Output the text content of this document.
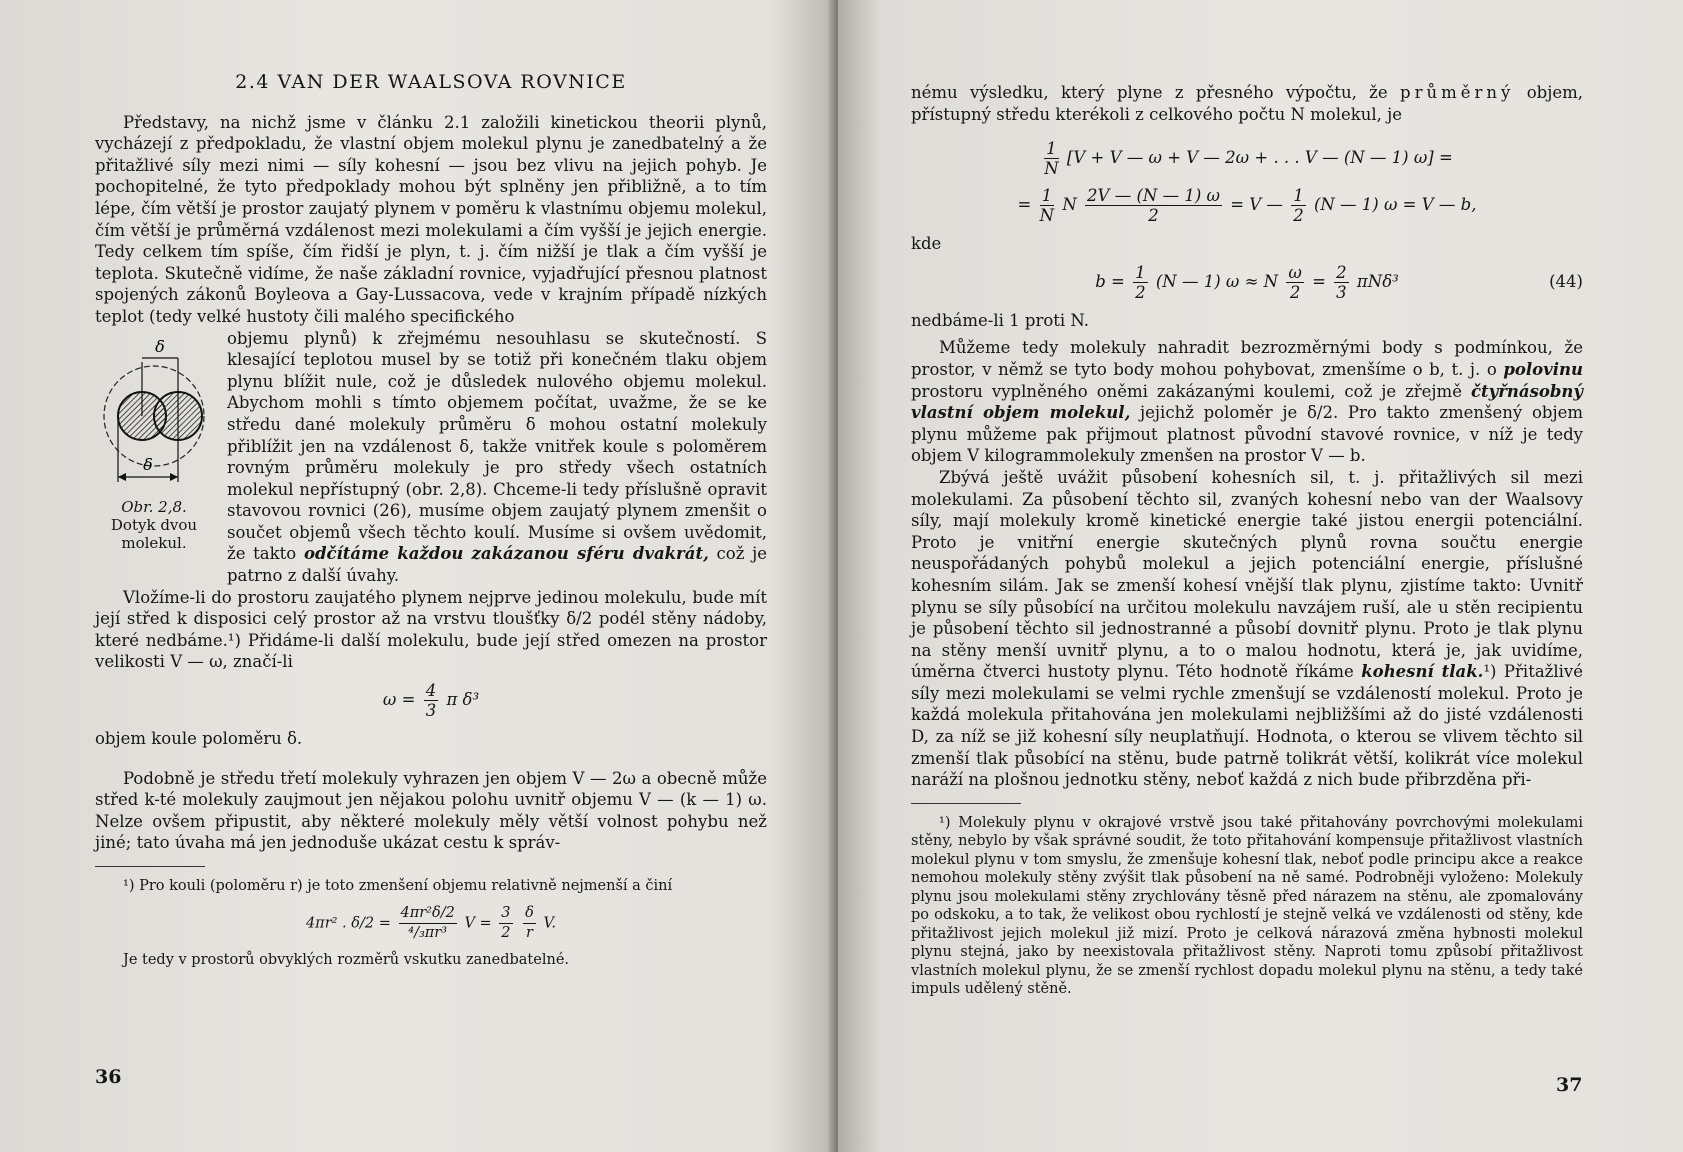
2.4 VAN DER WAALSOVA ROVNICE

Představy, na nichž jsme v článku 2.1 založili kinetickou theorii plynů, vycházejí z předpokladu, že vlastní objem molekul plynu je zanedbatelný a že přitažlivé síly mezi nimi — síly kohesní — jsou bez vlivu na jejich pohyb. Je pochopitelné, že tyto předpoklady mohou být splněny jen přibližně, a to tím lépe, čím větší je prostor zaujatý plynem v poměru k vlastnímu objemu molekul, čím větší je průměrná vzdálenost mezi molekulami a čím vyšší je jejich energie. Tedy celkem tím spíše, čím řidší je plyn, t. j. čím nižší je tlak a čím vyšší je teplota. Skutečně vidíme, že naše základní rovnice, vyjadřující přesnou platnost spojených zákonů Boyleova a Gay-Lussacova, vede v krajním případě nízkých teplot (tedy velké hustoty čili malého specifického

δ
δ
Obr. 2,8.
Dotyk dvou molekul.

objemu plynů) k zřejmému nesouhlasu se skutečností. S klesající teplotou musel by se totiž při konečném tlaku objem plynu blížit nule, což je důsledek nulového objemu molekul. Abychom mohli s tímto objemem počítat, uvažme, že se ke středu dané molekuly průměru δ mohou ostatní molekuly přiblížit jen na vzdálenost δ, takže vnitřek koule s poloměrem rovným průměru molekuly je pro středy všech ostatních molekul nepřístupný (obr. 2,8). Chceme-li tedy příslušně opravit stavovou rovnici (26), musíme objem zaujatý plynem zmenšit o součet objemů všech těchto koulí. Musíme si ovšem uvědomit, že takto odčítáme každou zakázanou sféru dvakrát, což je patrno z další úvahy.

Vložíme-li do prostoru zaujatého plynem nejprve jedinou molekulu, bude mít její střed k disposici celý prostor až na vrstvu tloušťky δ/2 podél stěny nádoby, které nedbáme.¹) Přidáme-li další molekulu, bude její střed omezen na prostor velikosti V — ω, značí-li

$\omega = \frac{4}{3}$ π δ³

objem koule poloměru δ.

Podobně je středu třetí molekuly vyhrazen jen objem V — 2ω a obecně může střed k-té molekuly zaujmout jen nějakou polohu uvnitř objemu V — (k — 1) ω. Nelze ovšem připustit, aby některé molekuly měly větší volnost pohybu než jiné; tato úvaha má jen jednoduše ukázat cestu k správ-

¹) Pro kouli (poloměru r) je toto zmenšení objemu relativně nejmenší a činí

4πr² . $\delta/2 = \frac{\text{4πr²δ/2}}{\text{⁴/₃πr³}}$ $V = \frac{3}{2}$
$\frac{\delta}{r} V$.

Je tedy v prostorů obvyklých rozměrů vskutku zanedbatelné.

36

nému výsledku, který plyne z přesného výpočtu, že průměrný objem, přístupný středu kterékoli z celkového počtu N molekul, je

$\frac{1}{N} [V + V$ — ω + V — 2ω + . . . V — (N — 1) ω] =
= $\frac{1}{N}$ N $\frac{2V — (N — 1) \omega}{2} = V$ — $\frac{1}{2} (N$ — 1) ω = V — b,

kde

$b = \frac{1}{2} (N$ — 1) ω ≈ N $\frac{\omega}{2} = \frac{2}{3} \pi N\delta^3$	(44)

nedbáme-li 1 proti N.

Můžeme tedy molekuly nahradit bezrozměrnými body s podmínkou, že prostor, v němž se tyto body mohou pohybovat, zmenšíme o b, t. j. o polovinu prostoru vyplněného oněmi zakázanými koulemi, což je zřejmě čtyřnásobný vlastní objem molekul, jejichž poloměr je δ/2. Pro takto zmenšený objem plynu můžeme pak přijmout platnost původní stavové rovnice, v níž je tedy objem V kilogrammolekuly zmenšen na prostor V — b.

Zbývá ještě uvážit působení kohesních sil, t. j. přitažlivých sil mezi molekulami. Za působení těchto sil, zvaných kohesní nebo van der Waalsovy síly, mají molekuly kromě kinetické energie také jistou energii potenciální. Proto je vnitřní energie skutečných plynů rovna součtu energie neuspořádaných pohybů molekul a jejich potenciální energie, příslušné kohesním silám. Jak se zmenší kohesí vnější tlak plynu, zjistíme takto: Uvnitř plynu se síly působící na určitou molekulu navzájem ruší, ale u stěn recipientu je působení těchto sil jednostranné a působí dovnitř plynu. Proto je tlak plynu na stěny menší uvnitř plynu, a to o malou hodnotu, která je, jak uvidíme, úměrna čtverci hustoty plynu. Této hodnotě říkáme kohesní tlak.¹) Přitažlivé síly mezi molekulami se velmi rychle zmenšují se vzdáleností molekul. Proto je každá molekula přitahována jen molekulami nejbližšími až do jisté vzdálenosti D, za níž se již kohesní síly neuplatňují. Hodnota, o kterou se vlivem těchto sil zmenší tlak působící na stěnu, bude patrně tolikrát větší, kolikrát více molekul naráží na plošnou jednotku stěny, neboť každá z nich bude přibrzděna při-

¹) Molekuly plynu v okrajové vrstvě jsou také přitahovány povrchovými molekulami stěny, nebylo by však správné soudit, že toto přitahování kompensuje přitažlivost vlastních molekul plynu v tom smyslu, že zmenšuje kohesní tlak, neboť podle principu akce a reakce nemohou molekuly stěny zvýšit tlak působení na ně samé. Podrobněji vyloženo: Molekuly plynu jsou molekulami stěny zrychlovány těsně před nárazem na stěnu, ale zpomalovány po odskoku, a to tak, že velikost obou rychlostí je stejně velká ve vzdálenosti od stěny, kde přitažlivost jejich molekul již mizí. Proto je celková nárazová změna hybnosti molekul plynu stejná, jako by neexistovala přitažlivost stěny. Naproti tomu způsobí přitažlivost vlastních molekul plynu, že se zmenší rychlost dopadu molekul plynu na stěnu, a tedy také impuls udělený stěně.

37
